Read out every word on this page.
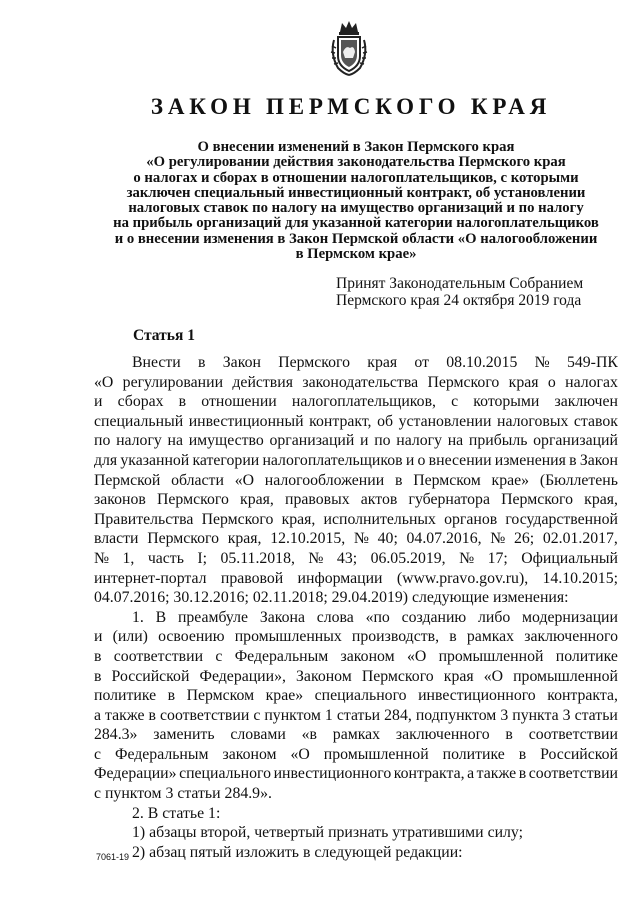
ЗАКОН ПЕРМСКОГО КРАЯ
О внесении изменений в Закон Пермского края
«О регулировании действия законодательства Пермского края
о налогах и сборах в отношении налогоплательщиков, с которыми
заключен специальный инвестиционный контракт, об установлении
налоговых ставок по налогу на имущество организаций и по налогу
на прибыль организаций для указанной категории налогоплательщиков
и о внесении изменения в Закон Пермской области «О налогообложении
в Пермском крае»
Принят Законодательным Собранием
Пермского края 24 октября 2019 года
Статья 1
Внести в Закон Пермского края от 08.10.2015 № 549-ПК
«О регулировании действия законодательства Пермского края о налогах
и сборах в отношении налогоплательщиков, с которыми заключен
специальный инвестиционный контракт, об установлении налоговых ставок
по налогу на имущество организаций и по налогу на прибыль организаций
для указанной категории налогоплательщиков и о внесении изменения в Закон
Пермской области «О налогообложении в Пермском крае» (Бюллетень
законов Пермского края, правовых актов губернатора Пермского края,
Правительства Пермского края, исполнительных органов государственной
власти Пермского края, 12.10.2015, № 40; 04.07.2016, № 26; 02.01.2017,
№ 1, часть I; 05.11.2018, № 43; 06.05.2019, № 17; Официальный
интернет-портал правовой информации (www.pravo.gov.ru), 14.10.2015;
04.07.2016; 30.12.2016; 02.11.2018; 29.04.2019) следующие изменения:
1. В преамбуле Закона слова «по созданию либо модернизации
и (или) освоению промышленных производств, в рамках заключенного
в соответствии с Федеральным законом «О промышленной политике
в Российской Федерации», Законом Пермского края «О промышленной
политике в Пермском крае» специального инвестиционного контракта,
а также в соответствии с пунктом 1 статьи 284, подпунктом 3 пункта 3 статьи
284.3» заменить словами «в рамках заключенного в соответствии
с Федеральным законом «О промышленной политике в Российской
Федерации» специального инвестиционного контракта, а также в соответствии
с пунктом 3 статьи 284.9».
2. В статье 1:
1) абзацы второй, четвертый признать утратившими силу;
2) абзац пятый изложить в следующей редакции:
7061-19
